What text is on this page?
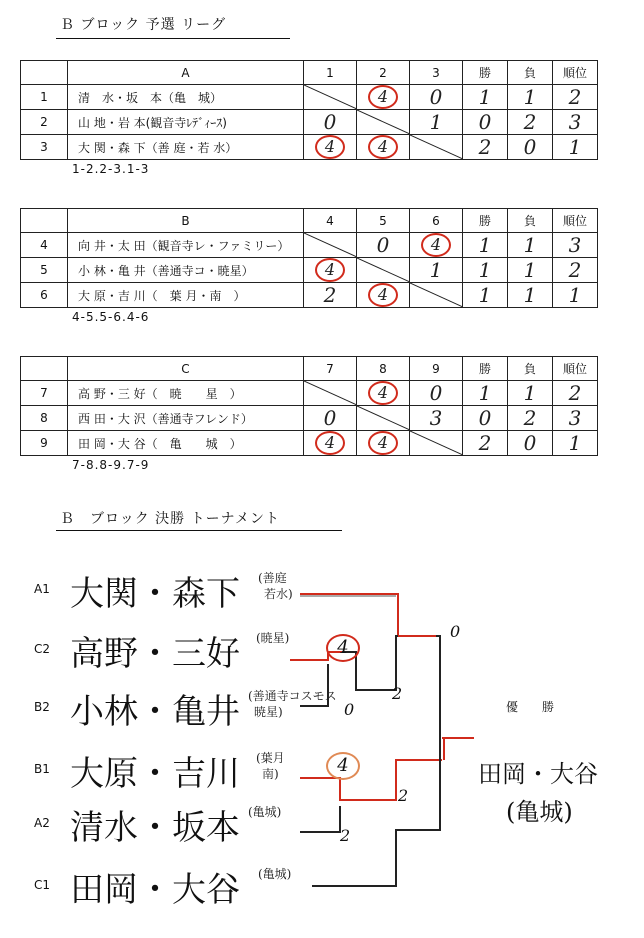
Ｂ ブロック 予選 リーグ
	A	1	2	3	勝	負	順位
1	清　水・坂　本（亀　城）		4	0	1	1	2
2	山 地・岩 本(観音寺ﾚﾃﾞｨｰｽ)	0		1	0	2	3
3	大 関・森 下（善 庭・若 水）	4	4		2	0	1
1-2.2-3.1-3
	B	4	5	6	勝	負	順位
4	向 井・太 田（観音寺レ・ファミリー）		0	4	1	1	3
5	小 林・亀 井（善通寺コ・暁星）	4		1	1	1	2
6	大 原・吉 川（　葉 月・南　）	2	4		1	1	1
4-5.5-6.4-6
	C	7	8	9	勝	負	順位
7	高 野・三 好（　暁　　星　）		4	0	1	1	2
8	西 田・大 沢（善通寺フレンド）	0		3	0	2	3
9	田 岡・大 谷（　亀　　城　）	4	4		2	0	1
7-8.8-9.7-9
Ｂ　ブロック 決勝 トーナメント
A1 大関・森下 (善庭
若水)
C2 高野・三好 (暁星)
B2 小林・亀井 (善通寺コスモス
暁星)
B1 大原・吉川 (葉月
南)
A2 清水・坂本 (亀城)
C1 田岡・大谷 (亀城)
4
0
2
0
4
2
2
優　勝
田岡・大谷
(亀城)
